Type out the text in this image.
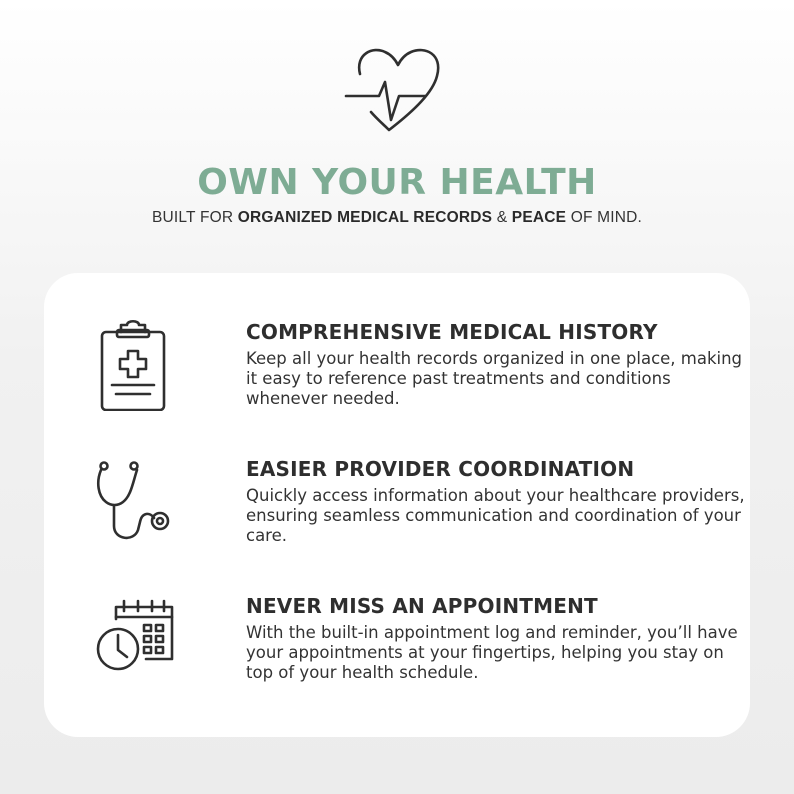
OWN YOUR HEALTH
BUILT FOR ORGANIZED MEDICAL RECORDS & PEACE OF MIND.
COMPREHENSIVE MEDICAL HISTORY

Keep all your health records organized in one place, making it easy to reference past treatments and conditions whenever needed.

EASIER PROVIDER COORDINATION

Quickly access information about your healthcare providers, ensuring seamless communication and coordination of your care.

NEVER MISS AN APPOINTMENT

With the built-in appointment log and reminder, you’ll have your appointments at your fingertips, helping you stay on top of your health schedule.
